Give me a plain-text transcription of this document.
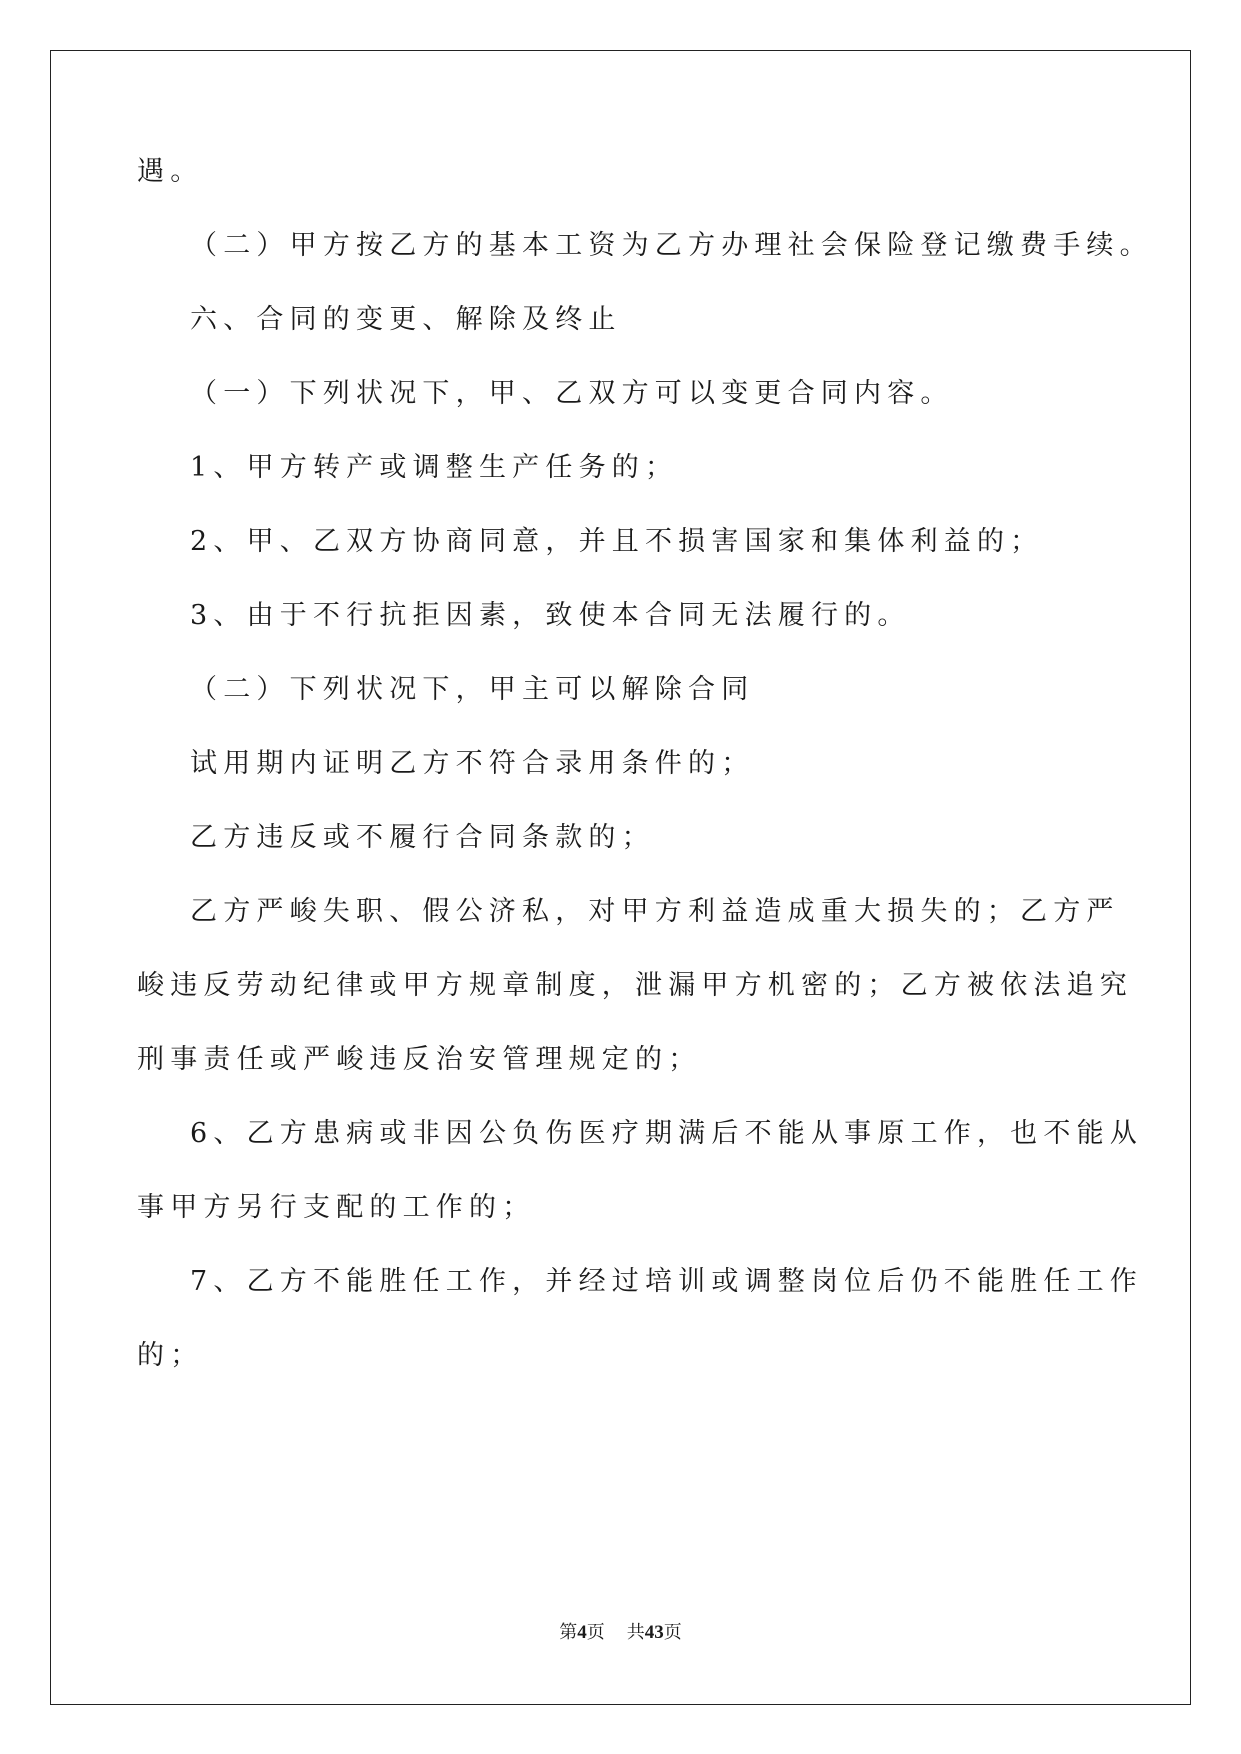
遇。
（二）甲方按乙方的基本工资为乙方办理社会保险登记缴费手续。
六、合同的变更、解除及终止
（一）下列状况下，甲、乙双方可以变更合同内容。
1、甲方转产或调整生产任务的；
2、甲、乙双方协商同意，并且不损害国家和集体利益的；
3、由于不行抗拒因素，致使本合同无法履行的。
（二）下列状况下，甲主可以解除合同
试用期内证明乙方不符合录用条件的；
乙方违反或不履行合同条款的；
乙方严峻失职、假公济私，对甲方利益造成重大损失的；乙方严
峻违反劳动纪律或甲方规章制度，泄漏甲方机密的；乙方被依法追究
刑事责任或严峻违反治安管理规定的；
6、乙方患病或非因公负伤医疗期满后不能从事原工作，也不能从
事甲方另行支配的工作的；
7、乙方不能胜任工作，并经过培训或调整岗位后仍不能胜任工作
的；
第4页 共43页
